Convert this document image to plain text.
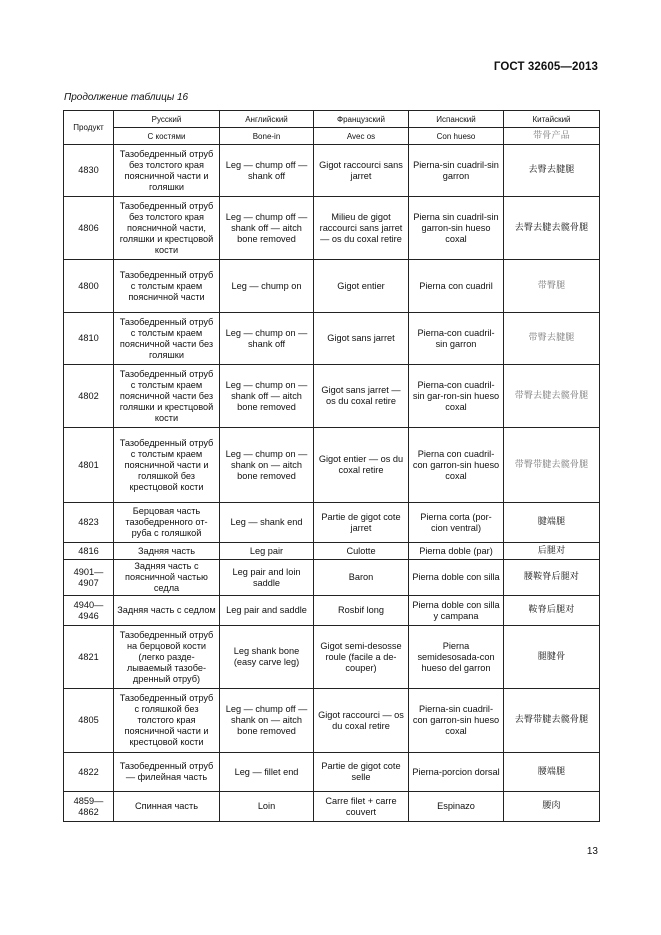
ГОСТ 32605—2013
Продолжение таблицы 16
Продукт	Русский	Английский	Французский	Испанский	Китайский
	С костями	Bone-in	Avec os	Con hueso	带骨产品
4830	Тазобедренный отруб без толстого края поясничной части и голяшки	Leg — chump off — shank off	Gigot raccourci sans jarret	Pierna-sin cuadril-sin garron	去臀去腱腿
4806	Тазобедренный отруб без толстого края поясничной части, голяшки и крестцовой кости	Leg — chump off — shank off — aitch bone removed	Milieu de gigot raccourci sans jarret — os du coxal retire	Pierna sin cuadril-sin garron-sin hueso coxal	去臀去腱去髋骨腿
4800	Тазобедренный отруб с толстым краем поясничной части	Leg — chump on	Gigot entier	Pierna con cuadril	带臀腿
4810	Тазобедренный отруб с толстым краем поясничной части без голяшки	Leg — chump on — shank off	Gigot sans jarret	Pierna-con cuadril-sin garron	带臀去腱腿
4802	Тазобедренный отруб с толстым краем поясничной части без голяшки и крестцовой кости	Leg — chump on — shank off — aitch bone removed	Gigot sans jarret — os du coxal retire	Pierna-con cuadril-sin gar-ron-sin hueso coxal	带臀去腱去髋骨腿
4801	Тазобедренный отруб с толстым краем поясничной части и голяшкой без крестцовой кости	Leg — chump on — shank on — aitch bone removed	Gigot entier — os du coxal retire	Pierna con cuadril-con garron-sin hueso coxal	带臀带腱去髋骨腿
4823	Берцовая часть тазобедренного от-руба с голяшкой	Leg — shank end	Partie de gigot cote jarret	Pierna corta (por-cion ventral)	腱端腿
4816	Задняя часть	Leg pair	Culotte	Pierna doble (par)	后腿对
4901—4907	Задняя часть с поясничной частью седла	Leg pair and loin saddle	Baron	Pierna doble con silla	腰鞍脊后腿对
4940—4946	Задняя часть с седлом	Leg pair and saddle	Rosbif long	Pierna doble con silla y campana	鞍脊后腿对
4821	Тазобедренный отруб на берцовой кости (легко разде-лываемый тазобе-дренный отруб)	Leg shank bone (easy carve leg)	Gigot semi-desosse roule (facile a de-couper)	Pierna semidesosada-con hueso del garron	腿腱骨
4805	Тазобедренный отруб с голяшкой без толстого края поясничной части и крестцовой кости	Leg — chump off — shank on — aitch bone removed	Gigot raccourci — os du coxal retire	Pierna-sin cuadril-con garron-sin hueso coxal	去臀带腱去髋骨腿
4822	Тазобедренный отруб — филейная часть	Leg — fillet end	Partie de gigot cote selle	Pierna-porcion dorsal	腰端腿
4859—4862	Спинная часть	Loin	Carre filet + carre couvert	Espinazo	腰肉
13
